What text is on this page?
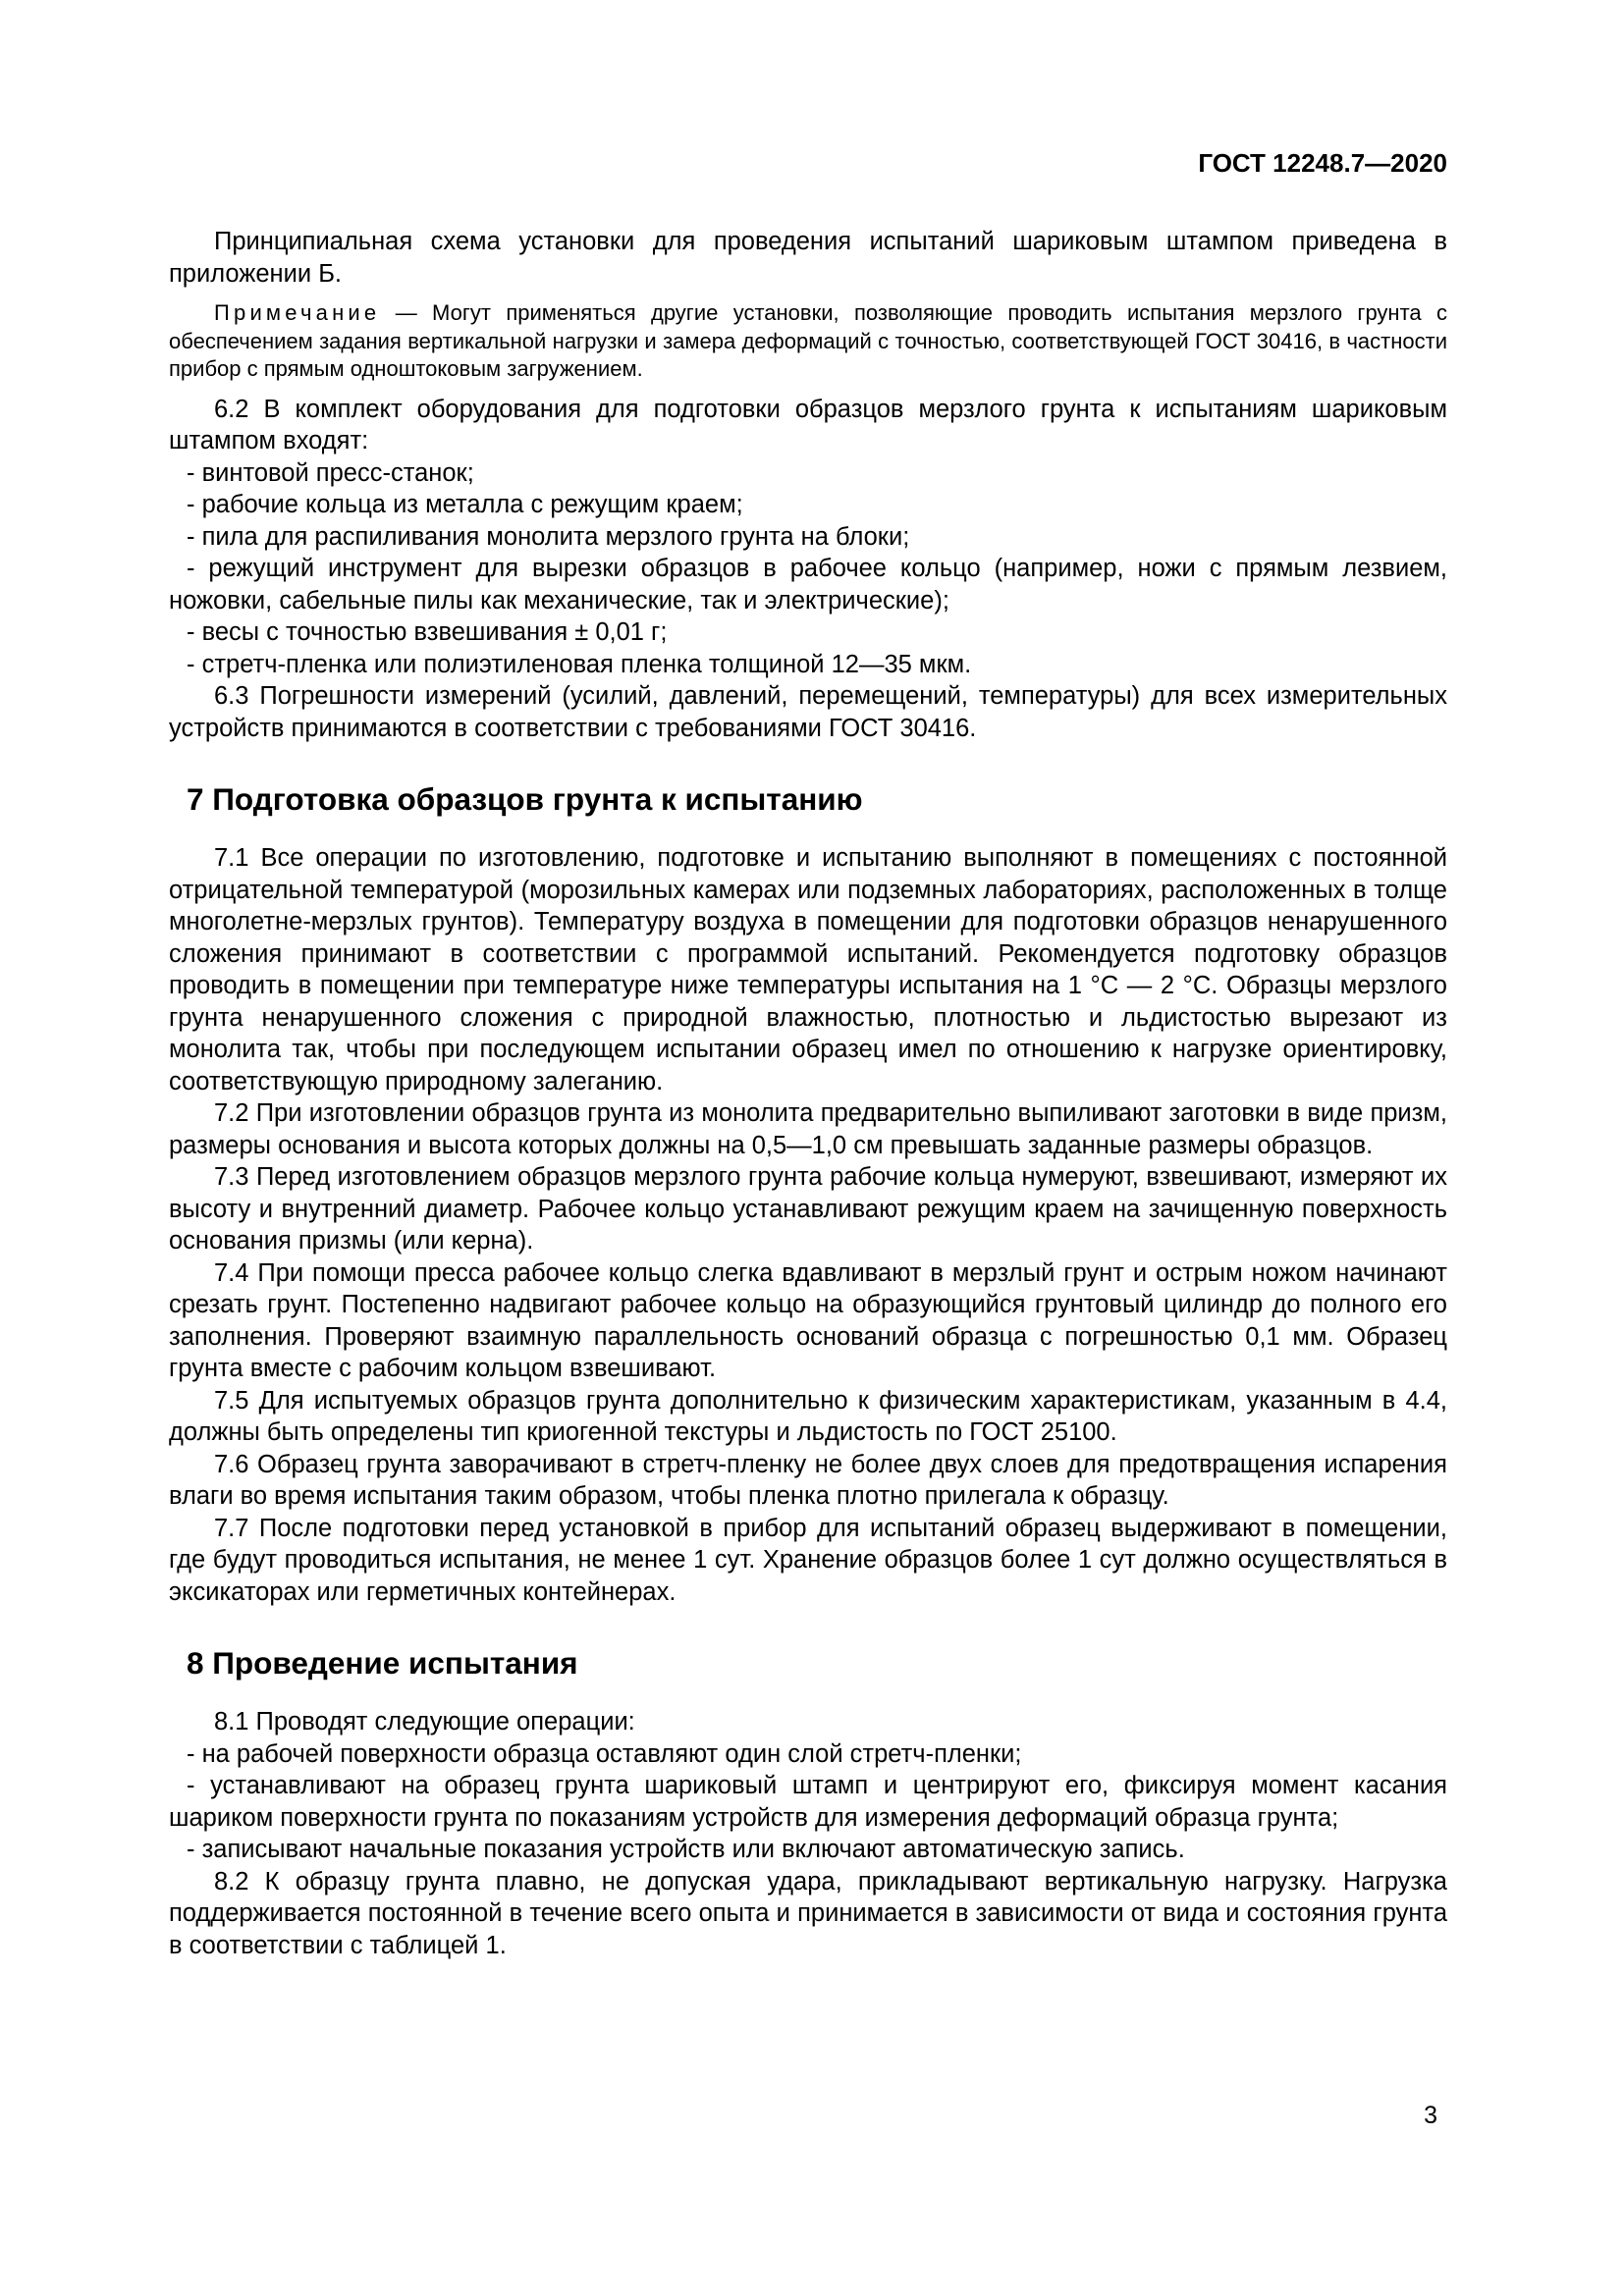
ГОСТ 12248.7—2020
Принципиальная схема установки для проведения испытаний шариковым штампом приведена в приложении Б.
Примечание — Могут применяться другие установки, позволяющие проводить испытания мерзлого грунта с обеспечением задания вертикальной нагрузки и замера деформаций с точностью, соответствующей ГОСТ 30416, в частности прибор с прямым одноштоковым загружением.
6.2 В комплект оборудования для подготовки образцов мерзлого грунта к испытаниям шариковым штампом входят:
- винтовой пресс-станок;
- рабочие кольца из металла с режущим краем;
- пила для распиливания монолита мерзлого грунта на блоки;
- режущий инструмент для вырезки образцов в рабочее кольцо (например, ножи с прямым лезвием, ножовки, сабельные пилы как механические, так и электрические);
- весы с точностью взвешивания ± 0,01 г;
- стретч-пленка или полиэтиленовая пленка толщиной 12—35 мкм.
6.3 Погрешности измерений (усилий, давлений, перемещений, температуры) для всех измерительных устройств принимаются в соответствии с требованиями ГОСТ 30416.
7 Подготовка образцов грунта к испытанию
7.1 Все операции по изготовлению, подготовке и испытанию выполняют в помещениях с постоянной отрицательной температурой (морозильных камерах или подземных лабораториях, расположенных в толще многолетне-мерзлых грунтов). Температуру воздуха в помещении для подготовки образцов ненарушенного сложения принимают в соответствии с программой испытаний. Рекомендуется подготовку образцов проводить в помещении при температуре ниже температуры испытания на 1 °С — 2 °С. Образцы мерзлого грунта ненарушенного сложения с природной влажностью, плотностью и льдистостью вырезают из монолита так, чтобы при последующем испытании образец имел по отношению к нагрузке ориентировку, соответствующую природному залеганию.
7.2 При изготовлении образцов грунта из монолита предварительно выпиливают заготовки в виде призм, размеры основания и высота которых должны на 0,5—1,0 см превышать заданные размеры образцов.
7.3 Перед изготовлением образцов мерзлого грунта рабочие кольца нумеруют, взвешивают, измеряют их высоту и внутренний диаметр. Рабочее кольцо устанавливают режущим краем на зачищенную поверхность основания призмы (или керна).
7.4 При помощи пресса рабочее кольцо слегка вдавливают в мерзлый грунт и острым ножом начинают срезать грунт. Постепенно надвигают рабочее кольцо на образующийся грунтовый цилиндр до полного его заполнения. Проверяют взаимную параллельность оснований образца с погрешностью 0,1 мм. Образец грунта вместе с рабочим кольцом взвешивают.
7.5 Для испытуемых образцов грунта дополнительно к физическим характеристикам, указанным в 4.4, должны быть определены тип криогенной текстуры и льдистость по ГОСТ 25100.
7.6 Образец грунта заворачивают в стретч-пленку не более двух слоев для предотвращения испарения влаги во время испытания таким образом, чтобы пленка плотно прилегала к образцу.
7.7 После подготовки перед установкой в прибор для испытаний образец выдерживают в помещении, где будут проводиться испытания, не менее 1 сут. Хранение образцов более 1 сут должно осуществляться в эксикаторах или герметичных контейнерах.
8 Проведение испытания
8.1 Проводят следующие операции:
- на рабочей поверхности образца оставляют один слой стретч-пленки;
- устанавливают на образец грунта шариковый штамп и центрируют его, фиксируя момент касания шариком поверхности грунта по показаниям устройств для измерения деформаций образца грунта;
- записывают начальные показания устройств или включают автоматическую запись.
8.2 К образцу грунта плавно, не допуская удара, прикладывают вертикальную нагрузку. Нагрузка поддерживается постоянной в течение всего опыта и принимается в зависимости от вида и состояния грунта в соответствии с таблицей 1.
3
